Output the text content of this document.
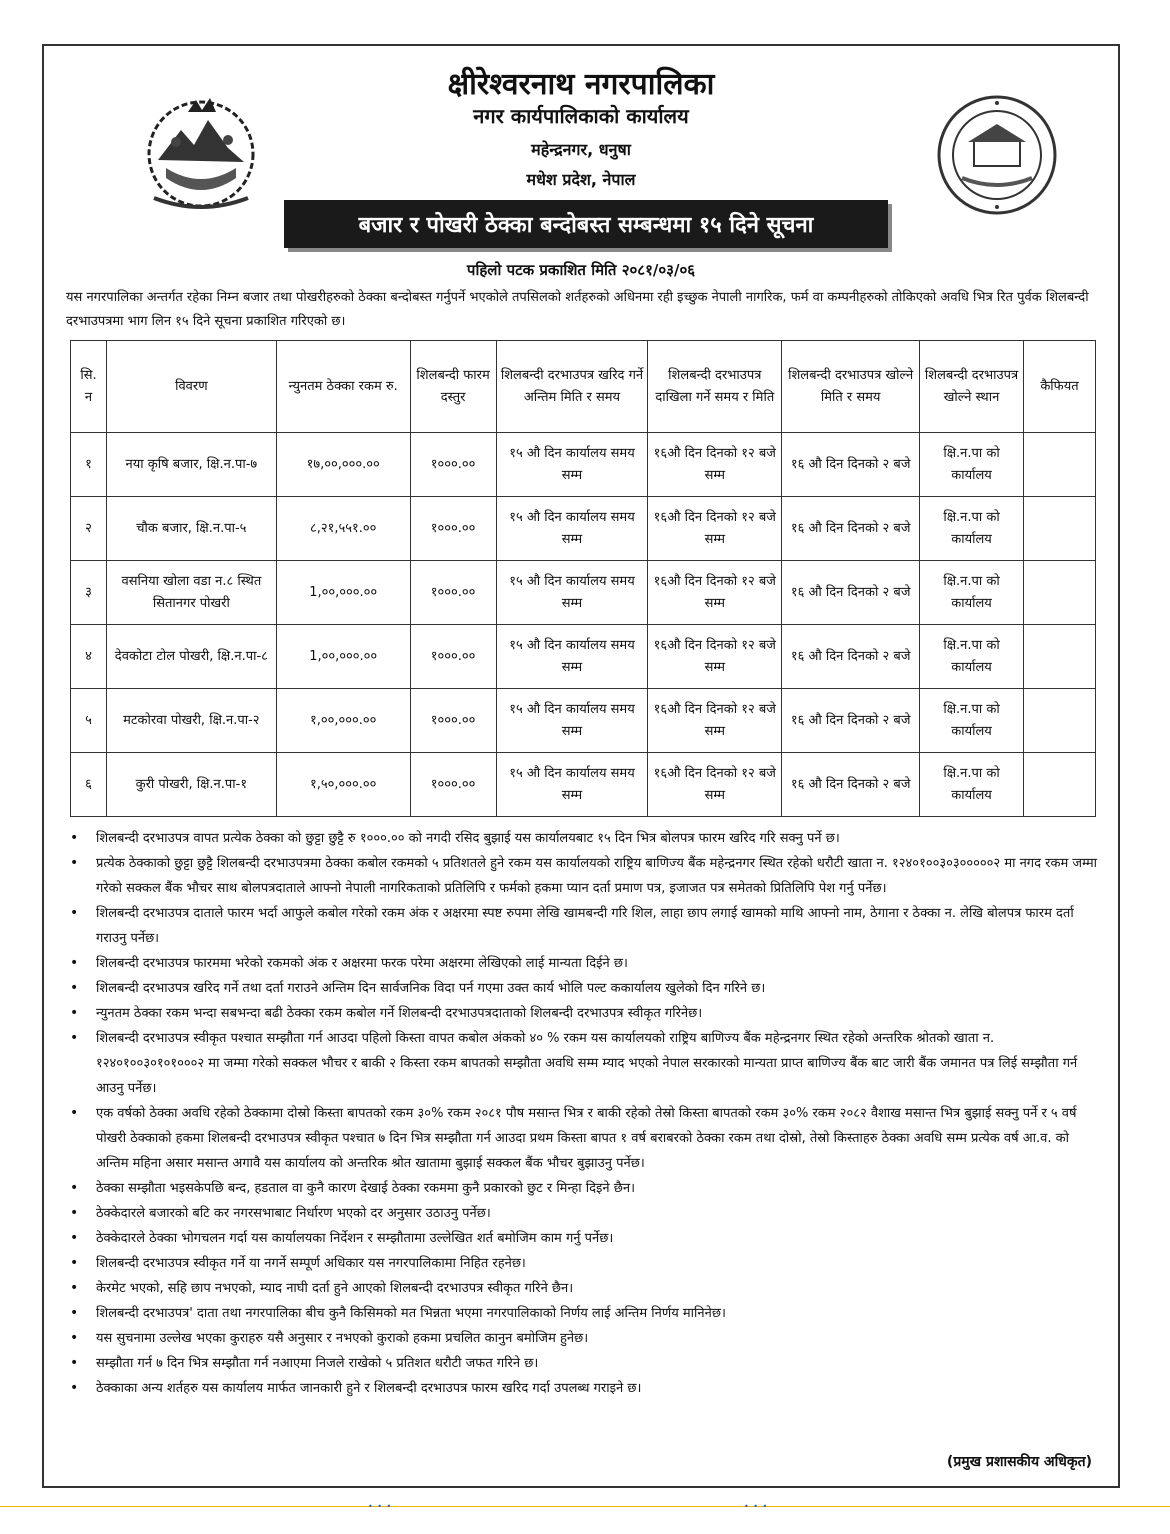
क्षीरेश्वरनाथ नगरपालिका
नगर कार्यपालिकाको कार्यालय
महेन्द्रनगर, धनुषा
मधेश प्रदेश, नेपाल
बजार र पोखरी ठेक्का बन्दोबस्त सम्बन्धमा १५ दिने सूचना
पहिलो पटक प्रकाशित मिति २०८१/०३/०६
यस नगरपालिका अन्तर्गत रहेका निम्न बजार तथा पोखरीहरुको ठेक्का बन्दोबस्त गर्नुपर्ने भएकोले तपसिलको शर्तहरुको अधिनमा रही इच्छुक नेपाली नागरिक, फर्म वा कम्पनीहरुको तोकिएको अवधि भित्र रित पुर्वक शिलबन्दी दरभाउपत्रमा भाग लिन १५ दिने सूचना प्रकाशित गरिएको छ।
सि. न	विवरण	न्युनतम ठेक्का रकम रु.	शिलबन्दी फारम दस्तुर	शिलबन्दी दरभाउपत्र खरिद गर्ने अन्तिम मिति र समय	शिलबन्दी दरभाउपत्र दाखिला गर्ने समय र मिति	शिलबन्दी दरभाउपत्र खोल्ने मिति र समय	शिलबन्दी दरभाउपत्र खोल्ने स्थान	कैफियत
१	नया कृषि बजार, क्षि.न.पा-७	१७,००,०००.००	१०००.००	१५ औ दिन कार्यालय समय सम्म	१६औ दिन दिनको १२ बजे सम्म	१६ औ दिन दिनको २ बजे	क्षि.न.पा को कार्यालय	
२	चौक बजार, क्षि.न.पा-५	८,२१,५५१.००	१०००.००	१५ औ दिन कार्यालय समय सम्म	१६औ दिन दिनको १२ बजे सम्म	१६ औ दिन दिनको २ बजे	क्षि.न.पा को कार्यालय	
३	वसनिया खोला वडा न.८ स्थित सितानगर पोखरी	1,००,०००.००	१०००.००	१५ औ दिन कार्यालय समय सम्म	१६औ दिन दिनको १२ बजे सम्म	१६ औ दिन दिनको २ बजे	क्षि.न.पा को कार्यालय	
४	देवकोटा टोल पोखरी, क्षि.न.पा-८	1,००,०००.००	१०००.००	१५ औ दिन कार्यालय समय सम्म	१६औ दिन दिनको १२ बजे सम्म	१६ औ दिन दिनको २ बजे	क्षि.न.पा को कार्यालय	
५	मटकोरवा पोखरी, क्षि.न.पा-२	१,००,०००.००	१०००.००	१५ औ दिन कार्यालय समय सम्म	१६औ दिन दिनको १२ बजे सम्म	१६ औ दिन दिनको २ बजे	क्षि.न.पा को कार्यालय	
६	कुरी पोखरी, क्षि.न.पा-१	१,५०,०००.००	१०००.००	१५ औ दिन कार्यालय समय सम्म	१६औ दिन दिनको १२ बजे सम्म	१६ औ दिन दिनको २ बजे	क्षि.न.पा को कार्यालय	
• शिलबन्दी दरभाउपत्र वापत प्रत्येक ठेक्का को छुट्टा छुट्टै रु १०००.०० को नगदी रसिद बुझाई यस कार्यालयबाट १५ दिन भित्र बोलपत्र फारम खरिद गरि सक्नु पर्ने छ।
• प्रत्येक ठेक्काको छुट्टा छुट्टै शिलबन्दी दरभाउपत्रमा ठेक्का कबोल रकमको ५ प्रतिशतले हुने रकम यस कार्यालयको राष्ट्रिय बाणिज्य बैंक महेन्द्रनगर स्थित रहेको धरौटी खाता न. १२४०१००३०३०००००२ मा नगद रकम जम्मा गरेको सक्कल बैंक भौचर साथ बोलपत्रदाताले आफ्नो नेपाली नागरिकताको प्रतिलिपि र फर्मको हकमा प्यान दर्ता प्रमाण पत्र, इजाजत पत्र समेतको प्रितिलिपि पेश गर्नु पर्नेछ।
• शिलबन्दी दरभाउपत्र दाताले फारम भर्दा आफुले कबोल गरेको रकम अंक र अक्षरमा स्पष्ट रुपमा लेखि खामबन्दी गरि शिल, लाहा छाप लगाई खामको माथि आफ्नो नाम, ठेगाना र ठेक्का न. लेखि बोलपत्र फारम दर्ता गराउनु पर्नेछ।
• शिलबन्दी दरभाउपत्र फारममा भरेको रकमको अंक र अक्षरमा फरक परेमा अक्षरमा लेखिएको लाई मान्यता दिईने छ।
• शिलबन्दी दरभाउपत्र खरिद गर्ने तथा दर्ता गराउने अन्तिम दिन सार्वजनिक विदा पर्न गएमा उक्त कार्य भोलि पल्ट ककार्यालय खुलेको दिन गरिने छ।
• न्युनतम ठेक्का रकम भन्दा सबभन्दा बढी ठेक्का रकम कबोल गर्ने शिलबन्दी दरभाउपत्रदाताको शिलबन्दी दरभाउपत्र स्वीकृत गरिनेछ।
• शिलबन्दी दरभाउपत्र स्वीकृत पश्चात सम्झौता गर्न आउदा पहिलो किस्ता वापत कबोल अंकको ४० % रकम यस कार्यालयको राष्ट्रिय बाणिज्य बैंक महेन्द्रनगर स्थित रहेको अन्तरिक श्रोतको खाता न. १२४०१००३०१०१०००२ मा जम्मा गरेको सक्कल भौचर र बाकी २ किस्ता रकम बापतको सम्झौता अवधि सम्म म्याद भएको नेपाल सरकारको मान्यता प्राप्त बाणिज्य बैंक बाट जारी बैंक जमानत पत्र लिई सम्झौता गर्न आउनु पर्नेछ।
• एक वर्षको ठेक्का अवधि रहेको ठेक्कामा दोस्रो किस्ता बापतको रकम ३०% रकम २०८१ पौष मसान्त भित्र र बाकी रहेको तेस्रो किस्ता बापतको रकम ३०% रकम २०८२ वैशाख मसान्त भित्र बुझाई सक्नु पर्ने र ५ वर्ष पोखरी ठेक्काको हकमा शिलबन्दी दरभाउपत्र स्वीकृत पश्चात ७ दिन भित्र सम्झौता गर्न आउदा प्रथम किस्ता बापत १ वर्ष बराबरको ठेक्का रकम तथा दोस्रो, तेस्रो किस्ताहरु ठेक्का अवधि सम्म प्रत्येक वर्ष आ.व. को अन्तिम महिना असार मसान्त अगावै यस कार्यालय को अन्तरिक श्रोत खातामा बुझाई सक्कल बैंक भौचर बुझाउनु पर्नेछ।
• ठेक्का सम्झौता भइसकेपछि बन्द, हडताल वा कुनै कारण देखाई ठेक्का रकममा कुनै प्रकारको छुट र मिन्हा दिइने छैन।
• ठेक्केदारले बजारको बटि कर नगरसभाबाट निर्धारण भएको दर अनुसार उठाउनु पर्नेछ।
• ठेक्केदारले ठेक्का भोगचलन गर्दा यस कार्यालयका निर्देशन र सम्झौतामा उल्लेखित शर्त बमोजिम काम गर्नु पर्नेछ।
• शिलबन्दी दरभाउपत्र स्वीकृत गर्ने या नगर्ने सम्पूर्ण अधिकार यस नगरपालिकामा निहित रहनेछ।
• केरमेट भएको, सहि छाप नभएको, म्याद नाघी दर्ता हुने आएको शिलबन्दी दरभाउपत्र स्वीकृत गरिने छैन।
• शिलबन्दी दरभाउपत्र' दाता तथा नगरपालिका बीच कुनै किसिमको मत भिन्नता भएमा नगरपालिकाको निर्णय लाई अन्तिम निर्णय मानिनेछ।
• यस सुचनामा उल्लेख भएका कुराहरु यसै अनुसार र नभएको कुराको हकमा प्रचलित कानुन बमोजिम हुनेछ।
• सम्झौता गर्न ७ दिन भित्र सम्झौता गर्न नआएमा निजले राखेको ५ प्रतिशत धरौटी जफत गरिने छ।
• ठेक्काका अन्य शर्तहरु यस कार्यालय मार्फत जानकारी हुने र शिलबन्दी दरभाउपत्र फारम खरिद गर्दा उपलब्ध गराइने छ।
(प्रमुख प्रशासकीय अधिकृत)
• • •	• • •
